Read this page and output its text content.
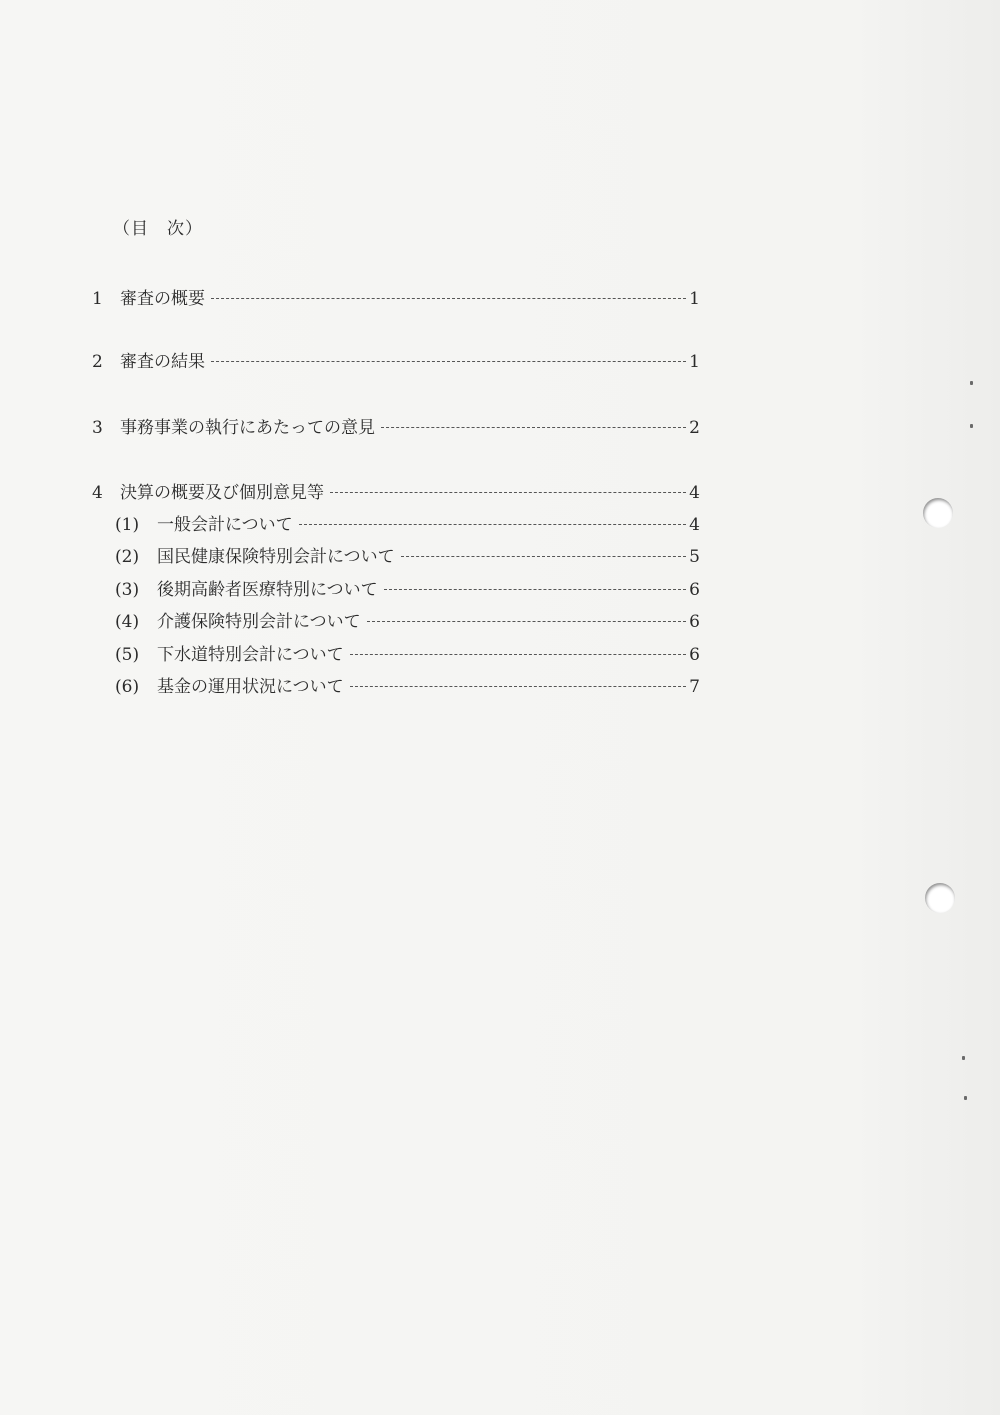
（目　次）
1	審査の概要	1
2	審査の結果	1
3	事務事業の執行にあたっての意見	2
4	決算の概要及び個別意見等	4
(1)	一般会計について	4
(2)	国民健康保険特別会計について	5
(3)	後期高齢者医療特別について	6
(4)	介護保険特別会計について	6
(5)	下水道特別会計について	6
(6)	基金の運用状況について	7
